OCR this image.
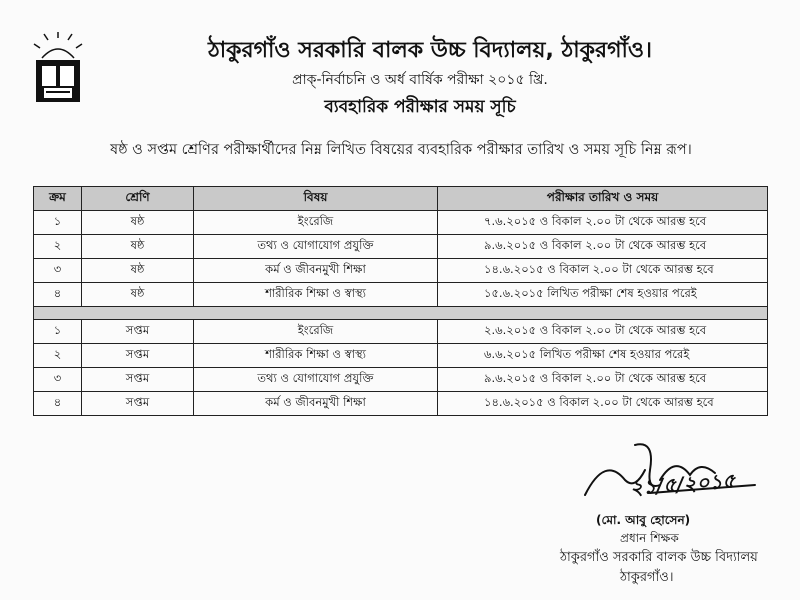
ঠাকুরগাঁও সরকারি বালক উচ্চ বিদ্যালয়, ঠাকুরগাঁও।
প্রাক্-নির্বাচনি ও অর্ধ বার্ষিক পরীক্ষা ২০১৫ খ্রি.
ব্যবহারিক পরীক্ষার সময় সূচি
ষষ্ঠ ও সপ্তম শ্রেণির পরীক্ষার্থীদের নিম্ন লিখিত বিষয়ের ব্যবহারিক পরীক্ষার তারিখ ও সময় সূচি নিম্ন রূপ।
ক্রম	শ্রেণি	বিষয়	পরীক্ষার তারিখ ও সময়
১	ষষ্ঠ	ইংরেজি	৭.৬.২০১৫ ও বিকাল ২.০০ টা থেকে আরম্ভ হবে
২	ষষ্ঠ	তথ্য ও যোগাযোগ প্রযুক্তি	৯.৬.২০১৫ ও বিকাল ২.০০ টা থেকে আরম্ভ হবে
৩	ষষ্ঠ	কর্ম ও জীবনমুখী শিক্ষা	১৪.৬.২০১৫ ও বিকাল ২.০০ টা থেকে আরম্ভ হবে
৪	ষষ্ঠ	শারীরিক শিক্ষা ও স্বাস্থ্য	১৫.৬.২০১৫ লিখিত পরীক্ষা শেষ হওয়ার পরেই

১	সপ্তম	ইংরেজি	২.৬.২০১৫ ও বিকাল ২.০০ টা থেকে আরম্ভ হবে
২	সপ্তম	শারীরিক শিক্ষা ও স্বাস্থ্য	৬.৬.২০১৫ লিখিত পরীক্ষা শেষ হওয়ার পরেই
৩	সপ্তম	তথ্য ও যোগাযোগ প্রযুক্তি	৯.৬.২০১৫ ও বিকাল ২.০০ টা থেকে আরম্ভ হবে
৪	সপ্তম	কর্ম ও জীবনমুখী শিক্ষা	১৪.৬.২০১৫ ও বিকাল ২.০০ টা থেকে আরম্ভ হবে
২১/৫/২০১৫
(মো. আবু হোসেন)
প্রধান শিক্ষক
ঠাকুরগাঁও সরকারি বালক উচ্চ বিদ্যালয়
ঠাকুরগাঁও।
